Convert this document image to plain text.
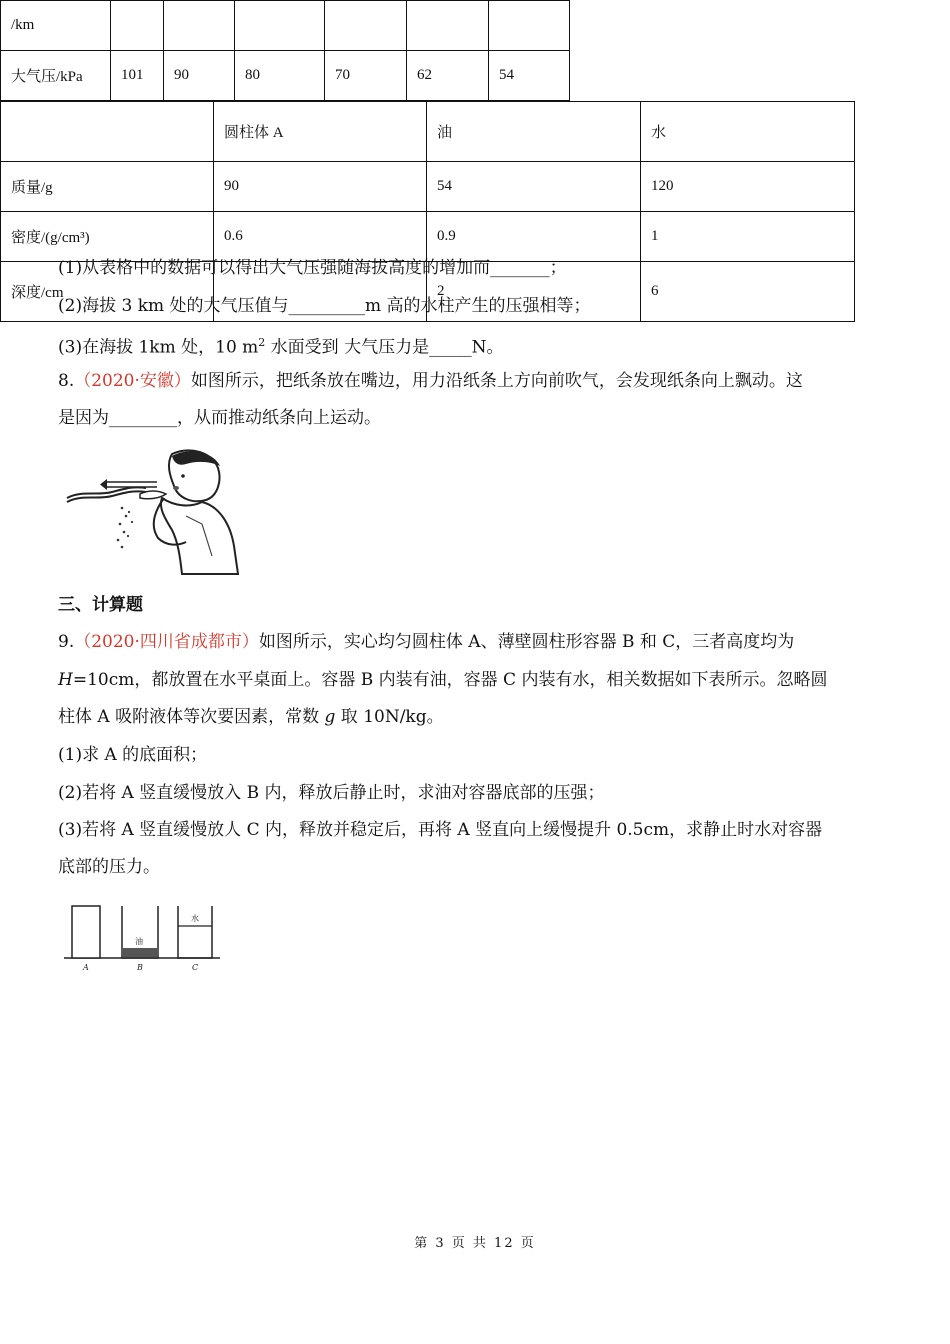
/km						
大气压/kPa	101	90	80	70	62	54
(1)从表格中的数据可以得出大气压强随海拔高度的增加而_______；
(2)海拔 3 km 处的大气压值与_________m 高的水柱产生的压强相等；
(3)在海拔 1km 处，10 $m^2$ 水面受到 大气压力是_____N。
8.（2020·安徽）如图所示，把纸条放在嘴边，用力沿纸条上方向前吹气，会发现纸条向上飘动。这
是因为________，从而推动纸条向上运动。
三、计算题
9.（2020·四川省成都市）如图所示，实心均匀圆柱体 A、薄壁圆柱形容器 B 和 C，三者高度均为
H=10cm，都放置在水平桌面上。容器 B 内装有油，容器 C 内装有水，相关数据如下表所示。忽略圆
柱体 A 吸附液体等次要因素，常数 g 取 10N/kg。
(1)求 A 的底面积；
(2)若将 A 竖直缓慢放入 B 内，释放后静止时，求油对容器底部的压强；
(3)若将 A 竖直缓慢放人 C 内，释放并稳定后，再将 A 竖直向上缓慢提升 0.5cm，求静止时水对容器
底部的压力。
油
水
A	B	C
	圆柱体 A	油	水
质量/g	90	54	120
密度/(g/cm³)	0.6	0.9	1
深度/cm		2	6
第 3 页 共 12 页
